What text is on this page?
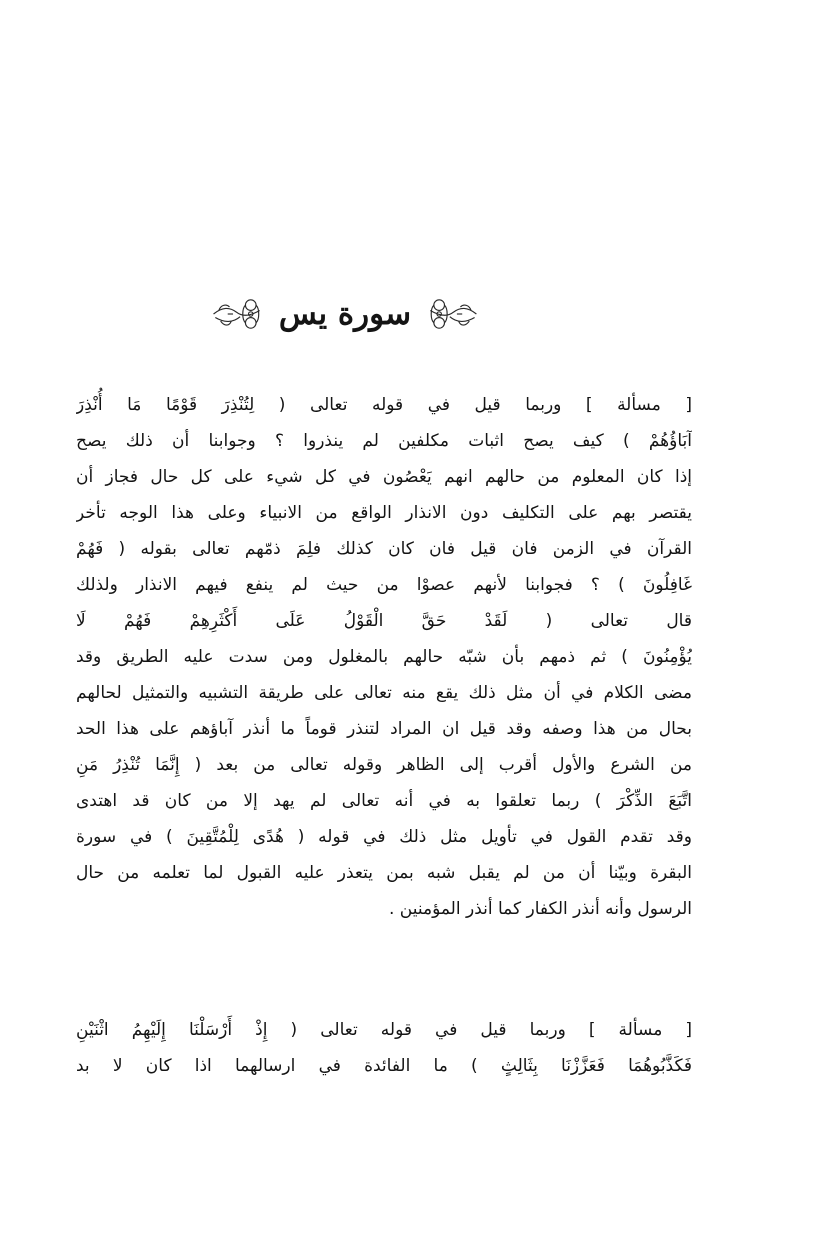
سورة يس
[ مسألة ] وربما قيل في قوله تعالى ( لِتُنْذِرَ قَوْمًا مَا أُنْذِرَ
آبَاؤُهُمْ ) كيف يصح اثبات مكلفين لم ينذروا ؟ وجوابنا أن ذلك يصح
إذا كان المعلوم من حالهم انهم يَعْصُون في كل شيء على كل حال فجاز أن
يقتصر بهم على التكليف دون الانذار الواقع من الانبياء وعلى هذا الوجه تأخر
القرآن في الزمن فان قيل فان كان كذلك فلِمَ ذمّهم تعالى بقوله ( فَهُمْ
غَافِلُونَ ) ؟ فجوابنا لأنهم عصوْا من حيث لم ينفع فيهم الانذار ولذلك
قال تعالى ( لَقَدْ حَقَّ الْقَوْلُ عَلَى أَكْثَرِهِمْ فَهُمْ لَا
يُؤْمِنُونَ ) ثم ذمهم بأن شبّه حالهم بالمغلول ومن سدت عليه الطريق وقد
مضى الكلام في أن مثل ذلك يقع منه تعالى على طريقة التشبيه والتمثيل لحالهم
بحال من هذا وصفه وقد قيل ان المراد لتنذر قوماً ما أنذر آباؤهم على هذا الحد
من الشرع والأول أقرب إلى الظاهر وقوله تعالى من بعد ( إِنَّمَا تُنْذِرُ مَنِ
اتَّبَعَ الذِّكْرَ ) ربما تعلقوا به في أنه تعالى لم يهد إلا من كان قد اهتدى
وقد تقدم القول في تأويل مثل ذلك في قوله ( هُدًى لِلْمُتَّقِينَ ) في سورة
البقرة وبيّنا أن من لم يقبل شبه بمن يتعذر عليه القبول لما تعلمه من حال
الرسول وأنه أنذر الكفار كما أنذر المؤمنين .
[ مسألة ] وربما قيل في قوله تعالى ( إِذْ أَرْسَلْنَا إِلَيْهِمُ اثْنَيْنِ
فَكَذَّبُوهُمَا فَعَزَّزْنَا بِثَالِثٍ ) ما الفائدة في ارسالهما اذا كان لا بد
